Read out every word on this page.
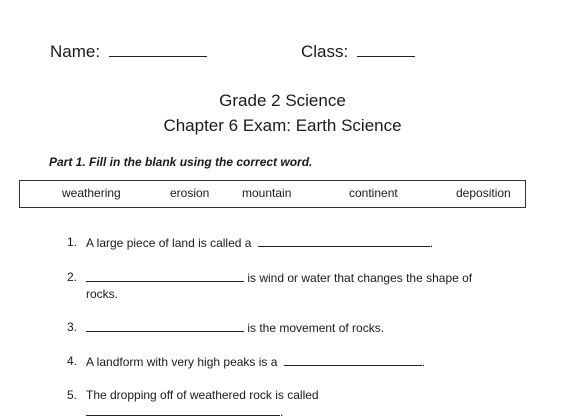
Name:	Class:
Grade 2 Science
Chapter 6 Exam: Earth Science
Part 1. Fill in the blank using the correct word.
weathering	erosion	mountain	continent	deposition
1. A large piece of land is called a	.
2.	is wind or water that changes the shape of
rocks.
3.	is the movement of rocks.
4. A landform with very high peaks is a	.
5. The dropping off of weathered rock is called
.
